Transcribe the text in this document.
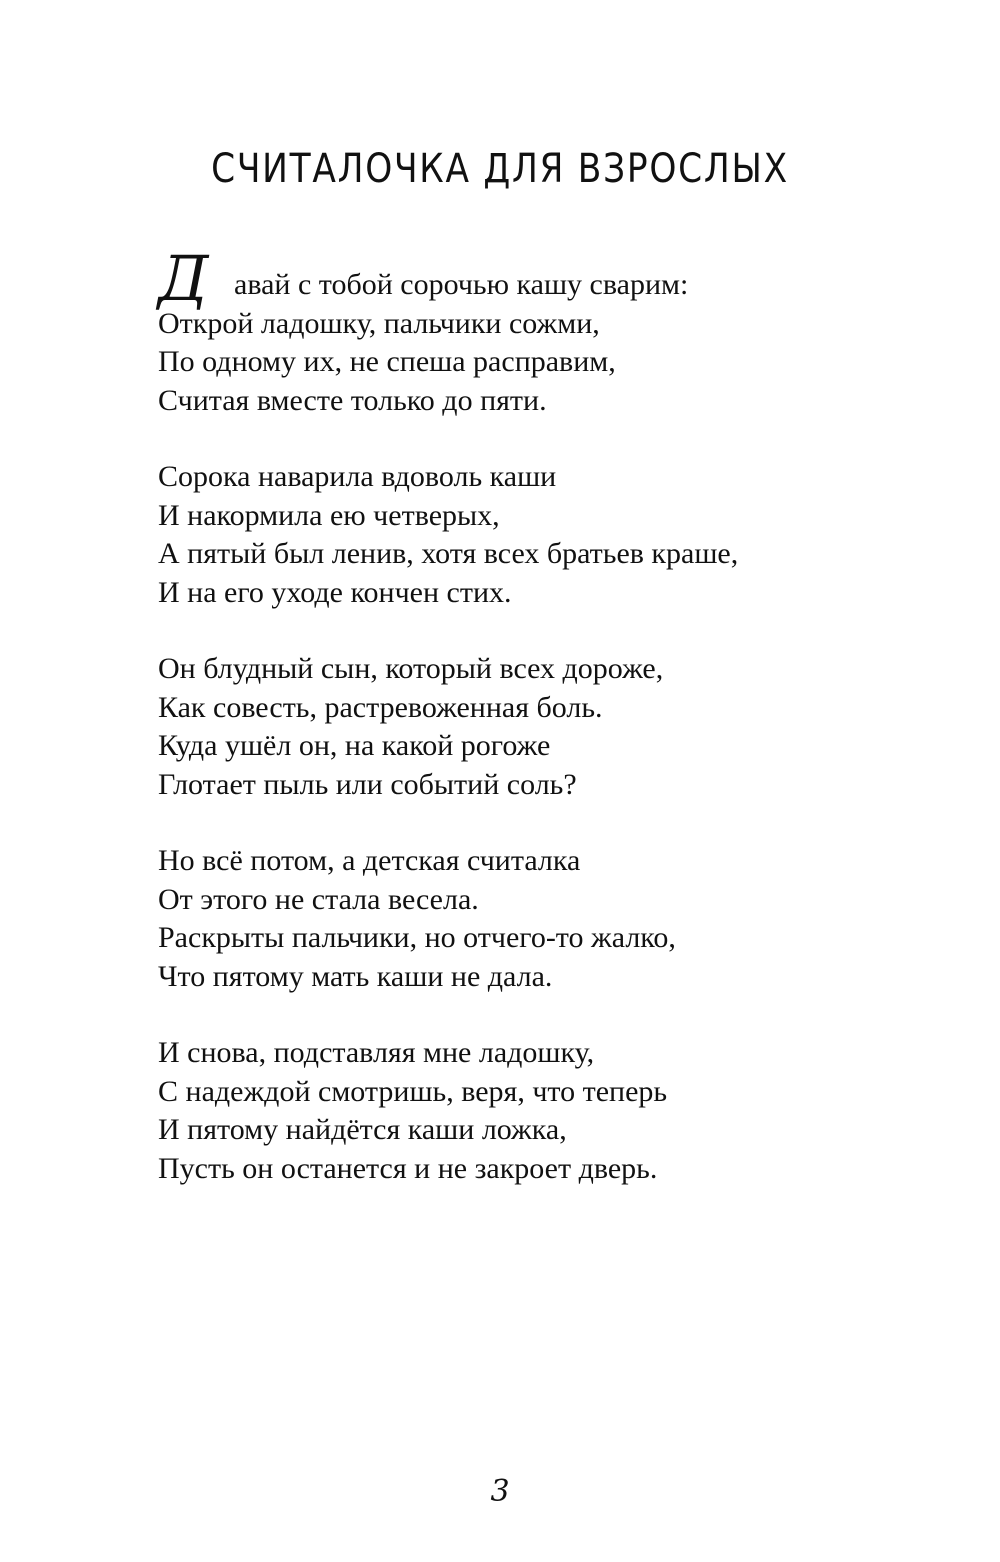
СЧИТАЛОЧКА ДЛЯ ВЗРОСЛЫХ
Д авай с тобой сорочью кашу сварим:
Открой ладошку, пальчики сожми,
По одному их, не спеша расправим,
Считая вместе только до пяти.
Сорока наварила вдоволь каши
И накормила ею четверых,
А пятый был ленив, хотя всех братьев краше,
И на его уходе кончен стих.
Он блудный сын, который всех дороже,
Как совесть, растревоженная боль.
Куда ушёл он, на какой рогоже
Глотает пыль или событий соль?
Но всё потом, а детская считалка
От этого не стала весела.
Раскрыты пальчики, но отчего-то жалко,
Что пятому мать каши не дала.
И снова, подставляя мне ладошку,
С надеждой смотришь, веря, что теперь
И пятому найдётся каши ложка,
Пусть он останется и не закроет дверь.
3
